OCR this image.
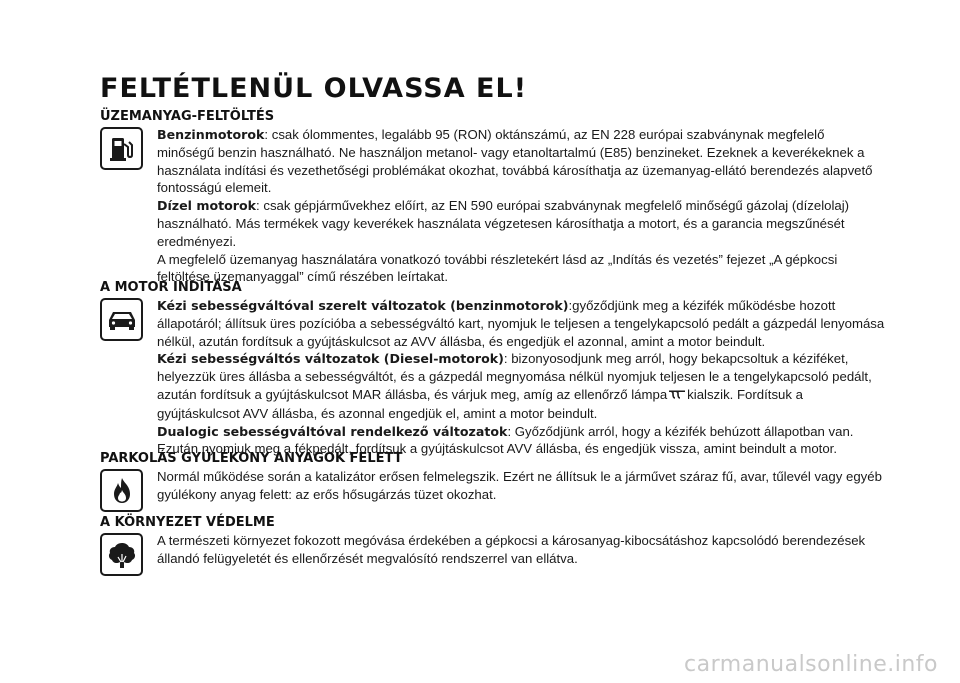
FELTÉTLENÜL OLVASSA EL!
ÜZEMANYAG-FELTÖLTÉS

Benzinmotorok: csak ólommentes, legalább 95 (RON) oktánszámú, az EN 228 európai szabványnak megfelelő minőségű benzin használható. Ne használjon metanol- vagy etanoltartalmú (E85) benzineket. Ezeknek a keverékeknek a használata indítási és vezethetőségi problémákat okozhat, továbbá károsíthatja az üzemanyag-ellátó berendezés alapvető fontosságú elemeit.

Dízel motorok: csak gépjárművekhez előírt, az EN 590 európai szabványnak megfelelő minőségű gázolaj (dízelolaj) használható. Más termékek vagy keverékek használata végzetesen károsíthatja a motort, és a garancia megszűnését eredményezi.

A megfelelő üzemanyag használatára vonatkozó további részletekért lásd az „Indítás és vezetés” fejezet „A gépkocsi feltöltése üzemanyaggal” című részében leírtakat.

A MOTOR INDÍTÁSA

Kézi sebességváltóval szerelt változatok (benzinmotorok):győződjünk meg a kézifék működésbe hozott állapotáról; állítsuk üres pozícióba a sebességváltó kart, nyomjuk le teljesen a tengelykapcsoló pedált a gázpedál lenyomása nélkül, azután fordítsuk a gyújtáskulcsot az AVV állásba, és engedjük el azonnal, amint a motor beindult.

Kézi sebességváltós változatok (Diesel-motorok): bizonyosodjunk meg arról, hogy bekapcsoltuk a kéziféket, helyezzük üres állásba a sebességváltót, és a gázpedál megnyomása nélkül nyomjuk teljesen le a tengelykapcsoló pedált, azután fordítsuk a gyújtáskulcsot MAR állásba, és várjuk meg, amíg az ellenőrző lámpa kialszik. Fordítsuk a gyújtáskulcsot AVV állásba, és azonnal engedjük el, amint a motor beindult.

Dualogic sebességváltóval rendelkező változatok: Győződjünk arról, hogy a kézifék behúzott állapotban van. Ezután nyomjuk meg a fékpedált, fordítsuk a gyújtáskulcsot AVV állásba, és engedjük vissza, amint beindult a motor.

PARKOLÁS GYÚLÉKONY ANYAGOK FELETT

Normál működése során a katalizátor erősen felmelegszik. Ezért ne állítsuk le a járművet száraz fű, avar, tűlevél vagy egyéb gyúlékony anyag felett: az erős hősugárzás tüzet okozhat.

A KÖRNYEZET VÉDELME

A természeti környezet fokozott megóvása érdekében a gépkocsi a károsanyag-kibocsátáshoz kapcsolódó berendezések állandó felügyeletét és ellenőrzését megvalósító rendszerrel van ellátva.

carmanualsonline.info
